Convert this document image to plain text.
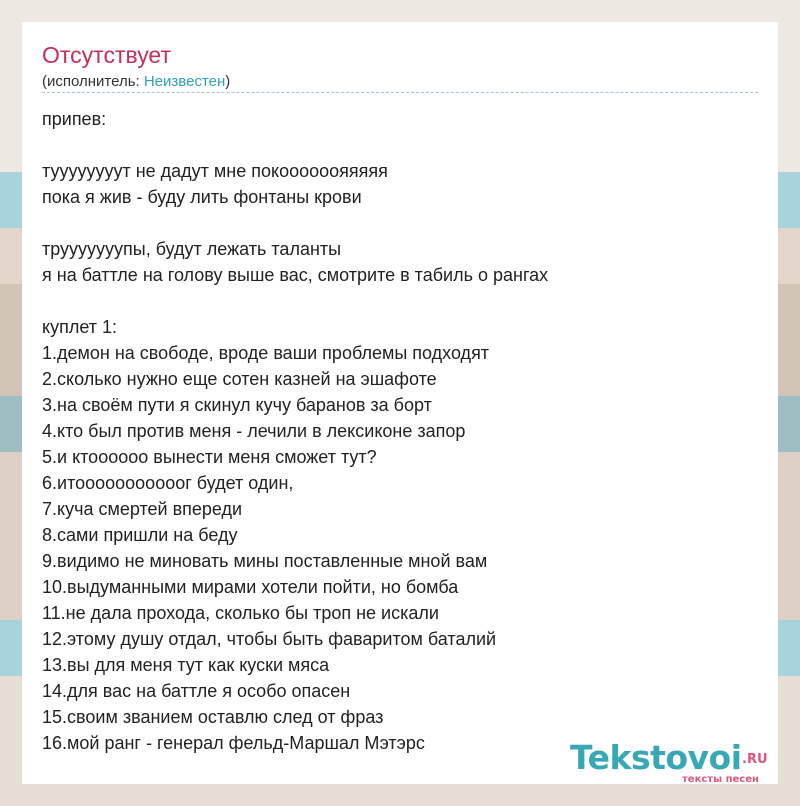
Отсутствует
(исполнитель: Неизвестен)
припев:
туууууууут не дадут мне покоооооояяяяя
пока я жив - буду лить фонтаны крови
трууууууупы, будут лежать таланты
я на баттле на голову выше вас, смотрите в табиль о рангах
куплет 1:
1.демон на свободе, вроде ваши проблемы подходят
2.сколько нужно еще сотен казней на эшафоте
3.на своём пути я скинул кучу баранов за борт
4.кто был против меня - лечили в лексиконе запор
5.и ктоооооо вынести меня сможет тут?
6.итооооооооооог будет один,
7.куча смертей впереди
8.сами пришли на беду
9.видимо не миновать мины поставленные мной вам
10.выдуманными мирами хотели пойти, но бомба
11.не дала прохода, сколько бы троп не искали
12.этому душу отдал, чтобы быть фаваритом баталий
13.вы для меня тут как куски мяса
14.для вас на баттле я особо опасен
15.своим званием оставлю след от фраз
16.мой ранг - генерал фельд-Маршал Мэтэрс	Tekstovoi .RU
тексты песен
